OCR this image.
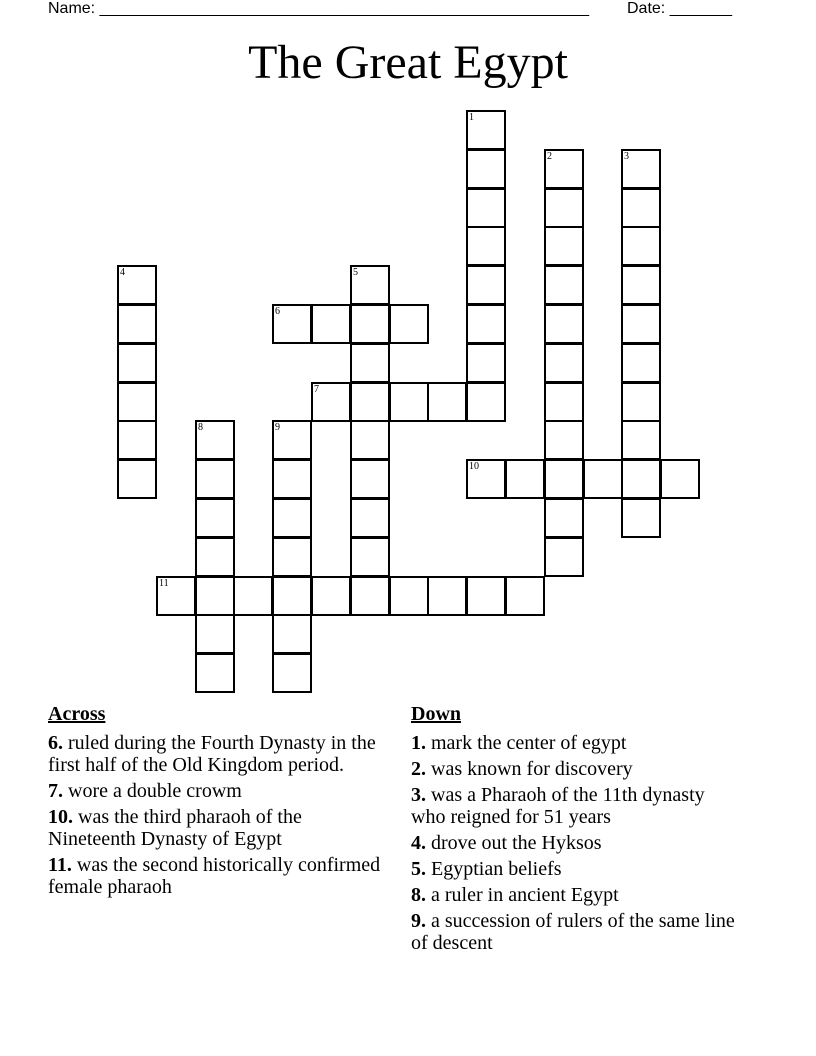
Name: _______________________________________________________ Date: _______
The Great Egypt
1
2	3
4	5
6
7
8	9
10
11
Across
6. ruled during the Fourth Dynasty in the first half of the Old Kingdom period.
7. wore a double crowm
10. was the third pharaoh of the Nineteenth Dynasty of Egypt
11. was the second historically confirmed female pharaoh
Down
1. mark the center of egypt
2. was known for discovery
3. was a Pharaoh of the 11th dynasty who reigned for 51 years
4. drove out the Hyksos
5. Egyptian beliefs
8. a ruler in ancient Egypt
9. a succession of rulers of the same line of descent
